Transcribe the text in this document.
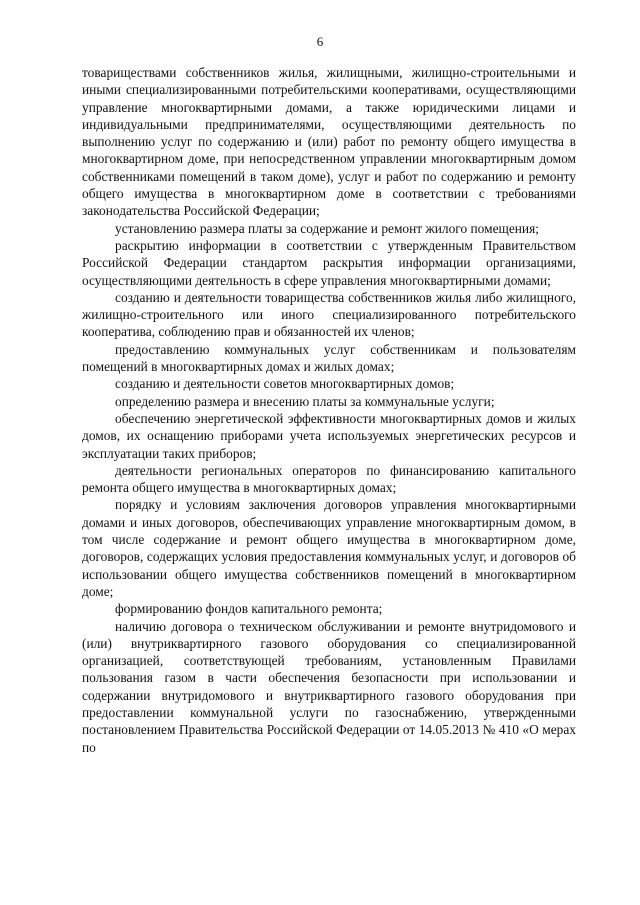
6

товариществами собственников жилья, жилищными, жилищно-строительными и иными специализированными потребительскими кооперативами, осуществляющими управление многоквартирными домами, а также юридическими лицами и индивидуальными предпринимателями, осуществляющими деятельность по выполнению услуг по содержанию и (или) работ по ремонту общего имущества в многоквартирном доме, при непосредственном управлении многоквартирным домом собственниками помещений в таком доме), услуг и работ по содержанию и ремонту общего имущества в многоквартирном доме в соответствии с требованиями законодательства Российской Федерации;

установлению размера платы за содержание и ремонт жилого помещения;

раскрытию информации в соответствии с утвержденным Правительством Российской Федерации стандартом раскрытия информации организациями, осуществляющими деятельность в сфере управления многоквартирными домами;

созданию и деятельности товарищества собственников жилья либо жилищного, жилищно-строительного или иного специализированного потребительского кооператива, соблюдению прав и обязанностей их членов;

предоставлению коммунальных услуг собственникам и пользователям помещений в многоквартирных домах и жилых домах;

созданию и деятельности советов многоквартирных домов;

определению размера и внесению платы за коммунальные услуги;

обеспечению энергетической эффективности многоквартирных домов и жилых домов, их оснащению приборами учета используемых энергетических ресурсов и эксплуатации таких приборов;

деятельности региональных операторов по финансированию капитального ремонта общего имущества в многоквартирных домах;

порядку и условиям заключения договоров управления многоквартирными домами и иных договоров, обеспечивающих управление многоквартирным домом, в том числе содержание и ремонт общего имущества в многоквартирном доме, договоров, содержащих условия предоставления коммунальных услуг, и договоров об использовании общего имущества собственников помещений в многоквартирном доме;

формированию фондов капитального ремонта;

наличию договора о техническом обслуживании и ремонте внутридомового и (или) внутриквартирного газового оборудования со специализированной организацией, соответствующей требованиям, установленным Правилами пользования газом в части обеспечения безопасности при использовании и содержании внутридомового и внутриквартирного газового оборудования при предоставлении коммунальной услуги по газоснабжению, утвержденными постановлением Правительства Российской Федерации от 14.05.2013 № 410 «О мерах по
